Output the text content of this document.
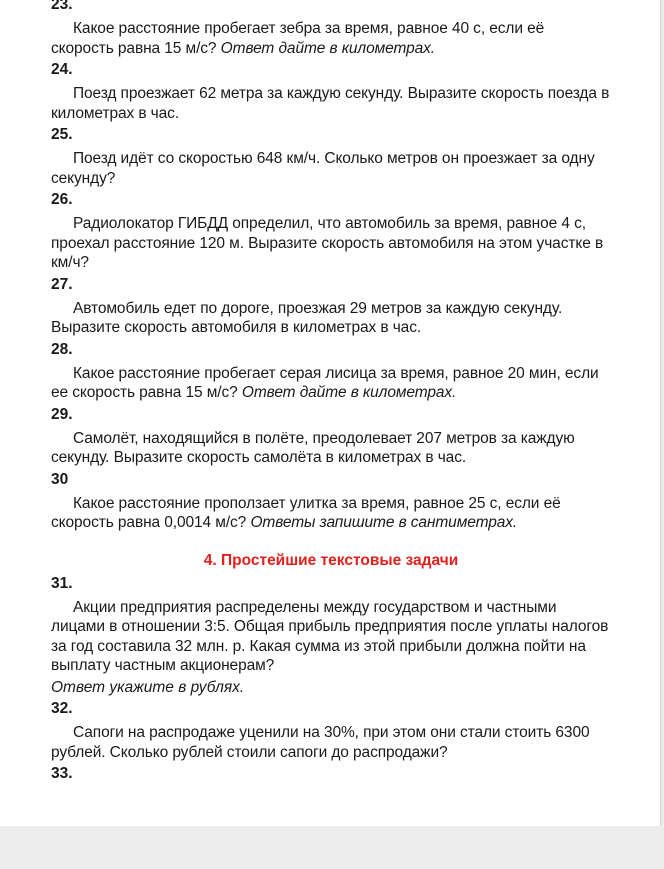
23.

Какое расстояние пробегает зебра за время, равное 40 с, если её скорость равна 15 м/с? Ответ дайте в километрах.

24.

Поезд проезжает 62 метра за каждую секунду. Выразите скорость поезда в километрах в час.

25.

Поезд идёт со скоростью 648 км/ч. Сколько метров он проезжает за одну секунду?

26.

Радиолокатор ГИБДД определил, что автомобиль за время, равное 4 с, проехал расстояние 120 м. Выразите скорость автомобиля на этом участке в км/ч?

27.

Автомобиль едет по дороге, проезжая 29 метров за каждую секунду. Выразите скорость автомобиля в километрах в час.

28.

Какое расстояние пробегает серая лисица за время, равное 20 мин, если ее скорость равна 15 м/с? Ответ дайте в километрах.

29.

Самолёт, находящийся в полёте, преодолевает 207 метров за каждую секунду. Выразите скорость самолёта в километрах в час.

30

Какое расстояние проползает улитка за время, равное 25 с, если её скорость равна 0,0014 м/с? Ответы запишите в сантиметрах.

4. Простейшие текстовые задачи
31.

Акции предприятия распределены между государством и частными лицами в отношении 3:5. Общая прибыль предприятия после уплаты налогов за год составила 32 млн. р. Какая сумма из этой прибыли должна пойти на выплату частным акционерам?

Ответ укажите в рублях.

32.

Сапоги на распродаже уценили на 30%, при этом они стали стоить 6300 рублей. Сколько рублей стоили сапоги до распродажи?

33.
